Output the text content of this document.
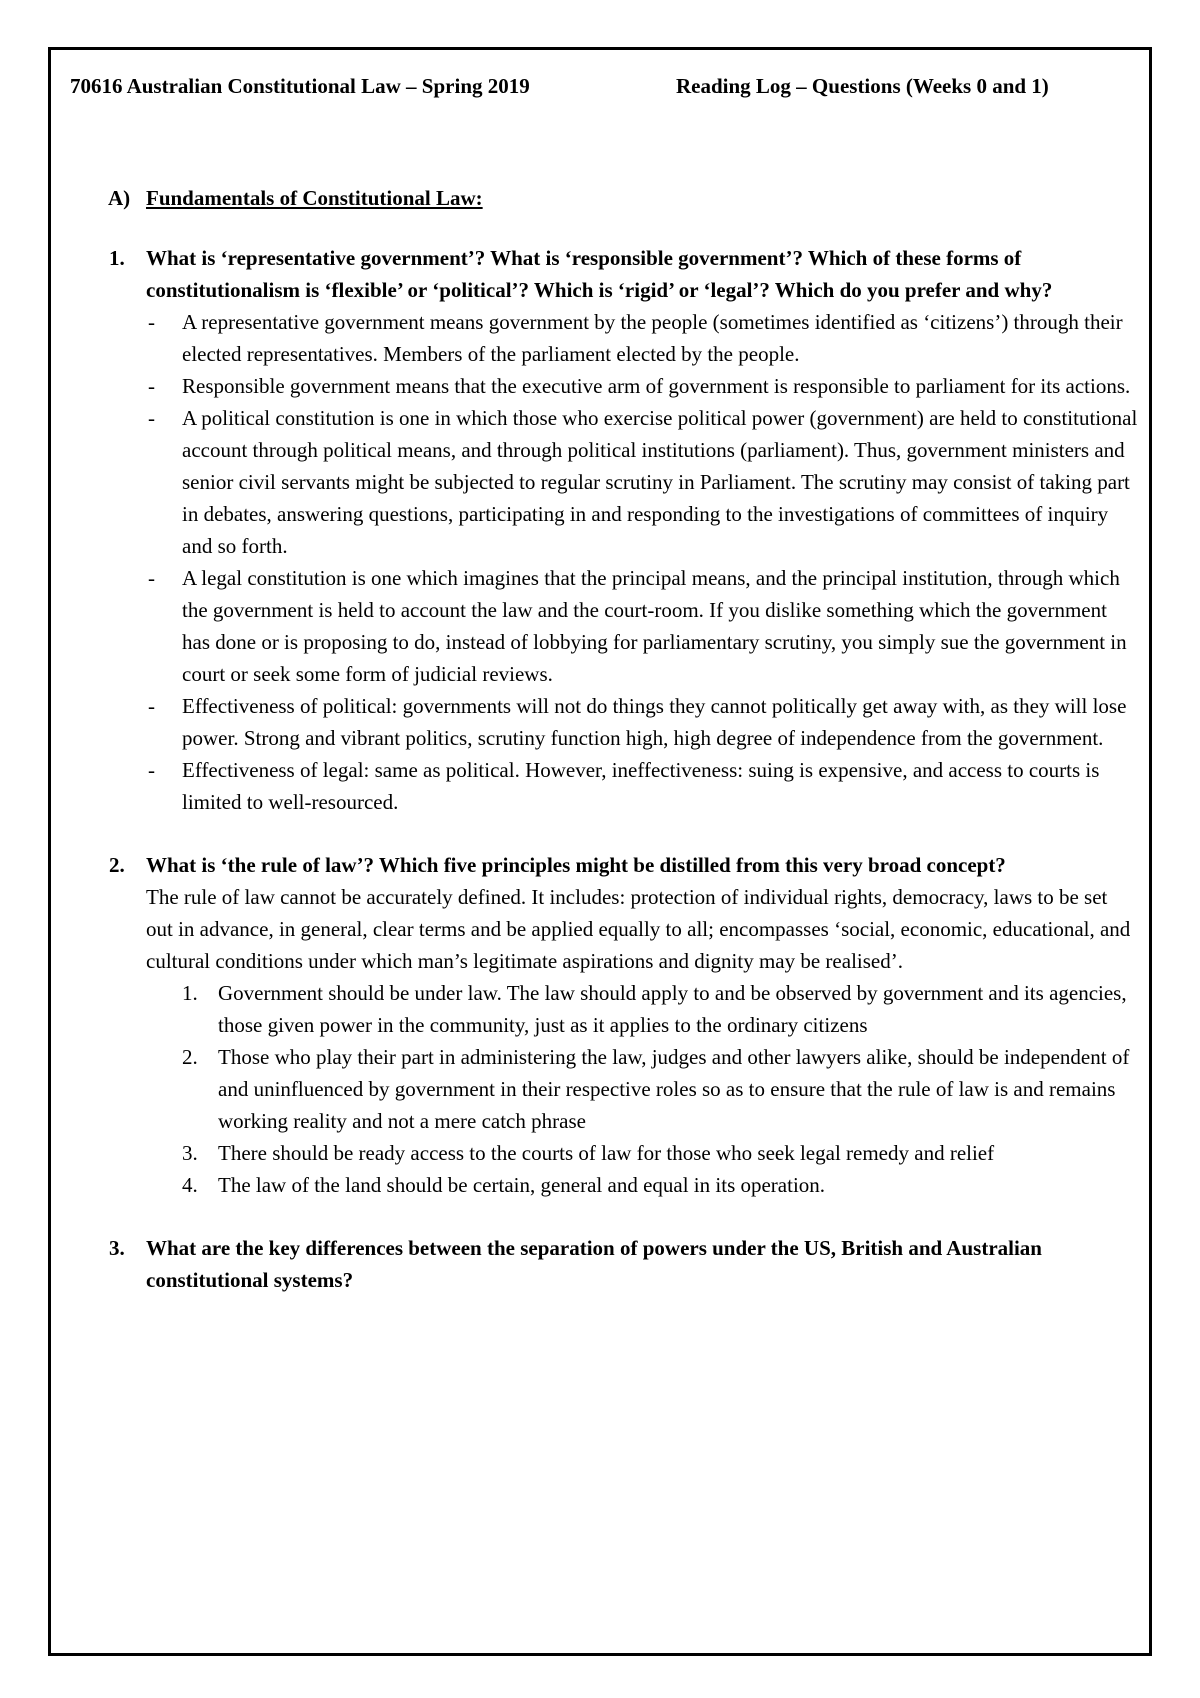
70616 Australian Constitutional Law – Spring 2019	Reading Log – Questions (Weeks 0 and 1)
A) Fundamentals of Constitutional Law:
1. What is ‘representative government’? What is ‘responsible government’? Which of these forms of constitutionalism is ‘flexible’ or ‘political’? Which is ‘rigid’ or ‘legal’? Which do you prefer and why?
- A representative government means government by the people (sometimes identified as ‘citizens’) through their elected representatives. Members of the parliament elected by the people.
- Responsible government means that the executive arm of government is responsible to parliament for its actions.
- A political constitution is one in which those who exercise political power (government) are held to constitutional account through political means, and through political institutions (parliament). Thus, government ministers and senior civil servants might be subjected to regular scrutiny in Parliament. The scrutiny may consist of taking part in debates, answering questions, participating in and responding to the investigations of committees of inquiry and so forth.
- A legal constitution is one which imagines that the principal means, and the principal institution, through which the government is held to account the law and the court-room. If you dislike something which the government has done or is proposing to do, instead of lobbying for parliamentary scrutiny, you simply sue the government in court or seek some form of judicial reviews.
- Effectiveness of political: governments will not do things they cannot politically get away with, as they will lose power. Strong and vibrant politics, scrutiny function high, high degree of independence from the government.
- Effectiveness of legal: same as political. However, ineffectiveness: suing is expensive, and access to courts is limited to well-resourced.
2. What is ‘the rule of law’? Which five principles might be distilled from this very broad concept?
The rule of law cannot be accurately defined. It includes: protection of individual rights, democracy, laws to be set out in advance, in general, clear terms and be applied equally to all; encompasses ‘social, economic, educational, and cultural conditions under which man’s legitimate aspirations and dignity may be realised’.
1. Government should be under law. The law should apply to and be observed by government and its agencies, those given power in the community, just as it applies to the ordinary citizens
2. Those who play their part in administering the law, judges and other lawyers alike, should be independent of and uninfluenced by government in their respective roles so as to ensure that the rule of law is and remains working reality and not a mere catch phrase
3. There should be ready access to the courts of law for those who seek legal remedy and relief
4. The law of the land should be certain, general and equal in its operation.
3. What are the key differences between the separation of powers under the US, British and Australian constitutional systems?
